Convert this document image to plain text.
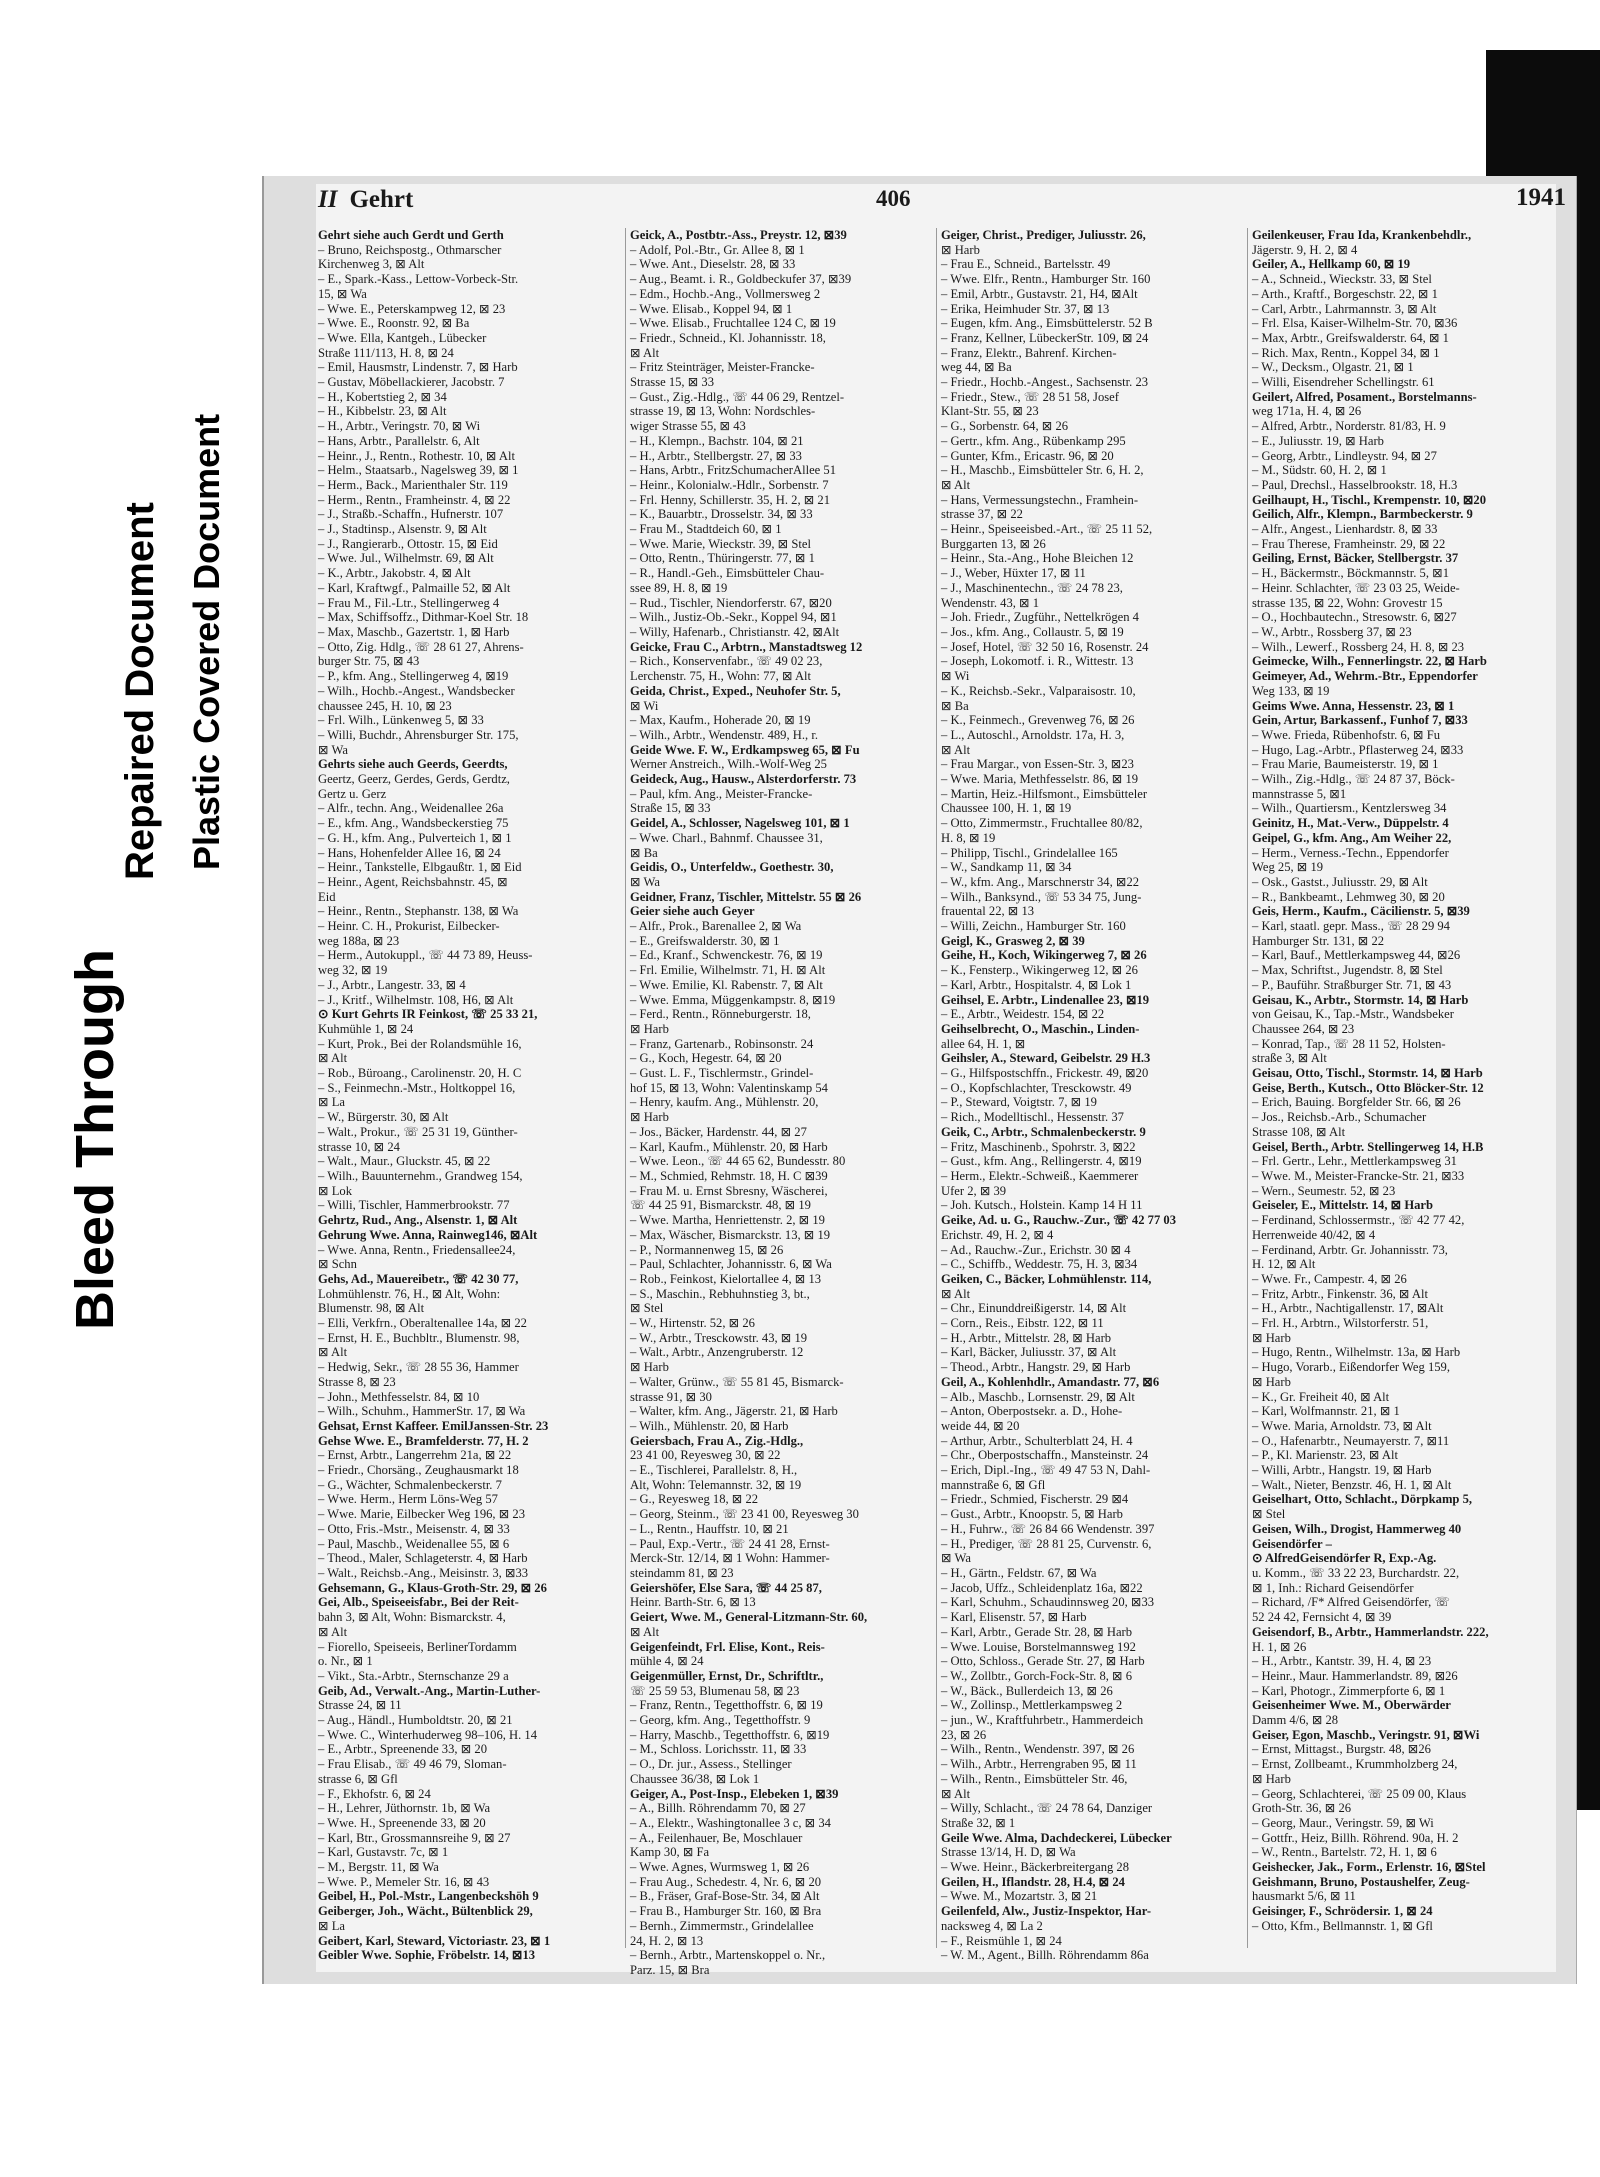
Bleed Through
Repaired Document Plastic Covered Document
II Gehrt	406	1941
Gehrt siehe auch Gerdt und Gerth
– Bruno, Reichspostg., Othmarscher
Kirchenweg 3, ⊠ Alt
– E., Spark.-Kass., Lettow-Vorbeck-Str.
15, ⊠ Wa
– Wwe. E., Peterskampweg 12, ⊠ 23
– Wwe. E., Roonstr. 92, ⊠ Ba
– Wwe. Ella, Kantgeh., Lübecker
Straße 111/113, H. 8, ⊠ 24
– Emil, Hausmstr, Lindenstr. 7, ⊠ Harb
– Gustav, Möbellackierer, Jacobstr. 7
– H., Kobertstieg 2, ⊠ 34
– H., Kibbelstr. 23, ⊠ Alt
– H., Arbtr., Veringstr. 70, ⊠ Wi
– Hans, Arbtr., Parallelstr. 6, Alt
– Heinr., J., Rentn., Rothestr. 10, ⊠ Alt
– Helm., Staatsarb., Nagelsweg 39, ⊠ 1
– Herm., Back., Marienthaler Str. 119
– Herm., Rentn., Framheinstr. 4, ⊠ 22
– J., Straßb.-Schaffn., Hufnerstr. 107
– J., Stadtinsp., Alsenstr. 9, ⊠ Alt
– J., Rangierarb., Ottostr. 15, ⊠ Eid
– Wwe. Jul., Wilhelmstr. 69, ⊠ Alt
– K., Arbtr., Jakobstr. 4, ⊠ Alt
– Karl, Kraftwgf., Palmaille 52, ⊠ Alt
– Frau M., Fil.-Ltr., Stellingerweg 4
– Max, Schiffsoffz., Dithmar-Koel Str. 18
– Max, Maschb., Gazertstr. 1, ⊠ Harb
– Otto, Zig. Hdlg., ☏ 28 61 27, Ahrens-
burger Str. 75, ⊠ 43
– P., kfm. Ang., Stellingerweg 4, ⊠19
– Wilh., Hochb.-Angest., Wandsbecker
chaussee 245, H. 10, ⊠ 23
– Frl. Wilh., Lünkenweg 5, ⊠ 33
– Willi, Buchdr., Ahrensburger Str. 175,
⊠ Wa
Gehrts siehe auch Geerds, Geerdts,
Geertz, Geerz, Gerdes, Gerds, Gerdtz,
Gertz u. Gerz
– Alfr., techn. Ang., Weidenallee 26a
– E., kfm. Ang., Wandsbeckerstieg 75
– G. H., kfm. Ang., Pulverteich 1, ⊠ 1
– Hans, Hohenfelder Allee 16, ⊠ 24
– Heinr., Tankstelle, Elbgaußtr. 1, ⊠ Eid
– Heinr., Agent, Reichsbahnstr. 45, ⊠
Eid
– Heinr., Rentn., Stephanstr. 138, ⊠ Wa
– Heinr. C. H., Prokurist, Eilbecker-
weg 188a, ⊠ 23
– Herm., Autokuppl., ☏ 44 73 89, Heuss-
weg 32, ⊠ 19
– J., Arbtr., Langestr. 33, ⊠ 4
– J., Kritf., Wilhelmstr. 108, H6, ⊠ Alt
⊙ Kurt Gehrts IR Feinkost, ☏ 25 33 21,
Kuhmühle 1, ⊠ 24
– Kurt, Prok., Bei der Rolandsmühle 16,
⊠ Alt
– Rob., Büroang., Carolinenstr. 20, H. C
– S., Feinmechn.-Mstr., Holtkoppel 16,
⊠ La
– W., Bürgerstr. 30, ⊠ Alt
– Walt., Prokur., ☏ 25 31 19, Günther-
strasse 10, ⊠ 24
– Walt., Maur., Gluckstr. 45, ⊠ 22
– Wilh., Bauunternehm., Grandweg 154,
⊠ Lok
– Willi, Tischler, Hammerbrookstr. 77
Gehrtz, Rud., Ang., Alsenstr. 1, ⊠ Alt
Gehrung Wwe. Anna, Rainweg146, ⊠Alt
– Wwe. Anna, Rentn., Friedensallee24,
⊠ Schn
Gehs, Ad., Mauereibetr., ☏ 42 30 77,
Lohmühlenstr. 76, H., ⊠ Alt, Wohn:
Blumenstr. 98, ⊠ Alt
– Elli, Verkfrn., Oberaltenallee 14a, ⊠ 22
– Ernst, H. E., Buchbltr., Blumenstr. 98,
⊠ Alt
– Hedwig, Sekr., ☏ 28 55 36, Hammer
Strasse 8, ⊠ 23
– John., Methfesselstr. 84, ⊠ 10
– Wilh., Schuhm., HammerStr. 17, ⊠ Wa
Gehsat, Ernst Kaffeer. EmilJanssen-Str. 23
Gehse Wwe. E., Bramfelderstr. 77, H. 2
– Ernst, Arbtr., Langerrehm 21a, ⊠ 22
– Friedr., Chorsäng., Zeughausmarkt 18
– G., Wächter, Schmalenbeckerstr. 7
– Wwe. Herm., Herm Löns-Weg 57
– Wwe. Marie, Eilbecker Weg 196, ⊠ 23
– Otto, Fris.-Mstr., Meisenstr. 4, ⊠ 33
– Paul, Maschb., Weidenallee 55, ⊠ 6
– Theod., Maler, Schlageterstr. 4, ⊠ Harb
– Walt., Reichsb.-Ang., Meisinstr. 3, ⊠33
Gehsemann, G., Klaus-Groth-Str. 29, ⊠ 26
Gei, Alb., Speiseeisfabr., Bei der Reit-
bahn 3, ⊠ Alt, Wohn: Bismarckstr. 4,
⊠ Alt
– Fiorello, Speiseeis, BerlinerTordamm
o. Nr., ⊠ 1
– Vikt., Sta.-Arbtr., Sternschanze 29 a
Geib, Ad., Verwalt.-Ang., Martin-Luther-
Strasse 24, ⊠ 11
– Aug., Händl., Humboldtstr. 20, ⊠ 21
– Wwe. C., Winterhuderweg 98–106, H. 14
– E., Arbtr., Spreenende 33, ⊠ 20
– Frau Elisab., ☏ 49 46 79, Sloman-
strasse 6, ⊠ Gfl
– F., Ekhofstr. 6, ⊠ 24
– H., Lehrer, Jüthornstr. 1b, ⊠ Wa
– Wwe. H., Spreenende 33, ⊠ 20
– Karl, Btr., Grossmannsreihe 9, ⊠ 27
– Karl, Gustavstr. 7c, ⊠ 1
– M., Bergstr. 11, ⊠ Wa
– Wwe. P., Memeler Str. 16, ⊠ 43
Geibel, H., Pol.-Mstr., Langenbeckshöh 9
Geiberger, Joh., Wächt., Bültenblick 29,
⊠ La
Geibert, Karl, Steward, Victoriastr. 23, ⊠ 1
Geibler Wwe. Sophie, Fröbelstr. 14, ⊠13
Geick, A., Postbtr.-Ass., Preystr. 12, ⊠39
– Adolf, Pol.-Btr., Gr. Allee 8, ⊠ 1
– Wwe. Ant., Dieselstr. 28, ⊠ 33
– Aug., Beamt. i. R., Goldbeckufer 37, ⊠39
– Edm., Hochb.-Ang., Vollmersweg 2
– Wwe. Elisab., Koppel 94, ⊠ 1
– Wwe. Elisab., Fruchtallee 124 C, ⊠ 19
– Friedr., Schneid., Kl. Johannisstr. 18,
⊠ Alt
– Fritz Steinträger, Meister-Francke-
Strasse 15, ⊠ 33
– Gust., Zig.-Hdlg., ☏ 44 06 29, Rentzel-
strasse 19, ⊠ 13, Wohn: Nordschles-
wiger Strasse 55, ⊠ 43
– H., Klempn., Bachstr. 104, ⊠ 21
– H., Arbtr., Stellbergstr. 27, ⊠ 33
– Hans, Arbtr., FritzSchumacherAllee 51
– Heinr., Kolonialw.-Hdlr., Sorbenstr. 7
– Frl. Henny, Schillerstr. 35, H. 2, ⊠ 21
– K., Bauarbtr., Drosselstr. 34, ⊠ 33
– Frau M., Stadtdeich 60, ⊠ 1
– Wwe. Marie, Wieckstr. 39, ⊠ Stel
– Otto, Rentn., Thüringerstr. 77, ⊠ 1
– R., Handl.-Geh., Eimsbütteler Chau-
ssee 89, H. 8, ⊠ 19
– Rud., Tischler, Niendorferstr. 67, ⊠20
– Wilh., Justiz-Ob.-Sekr., Koppel 94, ⊠1
– Willy, Hafenarb., Christianstr. 42, ⊠Alt
Geicke, Frau C., Arbtrn., Manstadtsweg 12
– Rich., Konservenfabr., ☏ 49 02 23,
Lerchenstr. 75, H., Wohn: 77, ⊠ Alt
Geida, Christ., Exped., Neuhofer Str. 5,
⊠ Wi
– Max, Kaufm., Hoherade 20, ⊠ 19
– Wilh., Arbtr., Wendenstr. 489, H., r.
Geide Wwe. F. W., Erdkampsweg 65, ⊠ Fu
Werner Anstreich., Wilh.-Wolf-Weg 25
Geideck, Aug., Hausw., Alsterdorferstr. 73
– Paul, kfm. Ang., Meister-Francke-
Straße 15, ⊠ 33
Geidel, A., Schlosser, Nagelsweg 101, ⊠ 1
– Wwe. Charl., Bahnmf. Chaussee 31,
⊠ Ba
Geidis, O., Unterfeldw., Goethestr. 30,
⊠ Wa
Geidner, Franz, Tischler, Mittelstr. 55 ⊠ 26
Geier siehe auch Geyer
– Alfr., Prok., Barenallee 2, ⊠ Wa
– E., Greifswalderstr. 30, ⊠ 1
– Ed., Kranf., Schwenckestr. 76, ⊠ 19
– Frl. Emilie, Wilhelmstr. 71, H. ⊠ Alt
– Wwe. Emilie, Kl. Rabenstr. 7, ⊠ Alt
– Wwe. Emma, Müggenkampstr. 8, ⊠19
– Ferd., Rentn., Rönneburgerstr. 18,
⊠ Harb
– Franz, Gartenarb., Robinsonstr. 24
– G., Koch, Hegestr. 64, ⊠ 20
– Gust. L. F., Tischlermstr., Grindel-
hof 15, ⊠ 13, Wohn: Valentinskamp 54
– Henry, kaufm. Ang., Mühlenstr. 20,
⊠ Harb
– Jos., Bäcker, Hardenstr. 44, ⊠ 27
– Karl, Kaufm., Mühlenstr. 20, ⊠ Harb
– Wwe. Leon., ☏ 44 65 62, Bundesstr. 80
– M., Schmied, Rehmstr. 18, H. C ⊠39
– Frau M. u. Ernst Sbresny, Wäscherei,
☏ 44 25 91, Bismarckstr. 48, ⊠ 19
– Wwe. Martha, Henriettenstr. 2, ⊠ 19
– Max, Wäscher, Bismarckstr. 13, ⊠ 19
– P., Normannenweg 15, ⊠ 26
– Paul, Schlachter, Johannisstr. 6, ⊠ Wa
– Rob., Feinkost, Kielortallee 4, ⊠ 13
– S., Maschin., Rebhuhnstieg 3, bt.,
⊠ Stel
– W., Hirtenstr. 52, ⊠ 26
– W., Arbtr., Tresckowstr. 43, ⊠ 19
– Walt., Arbtr., Anzengruberstr. 12
⊠ Harb
– Walter, Grünw., ☏ 55 81 45, Bismarck-
strasse 91, ⊠ 30
– Walter, kfm. Ang., Jägerstr. 21, ⊠ Harb
– Wilh., Mühlenstr. 20, ⊠ Harb
Geiersbach, Frau A., Zig.-Hdlg.,
23 41 00, Reyesweg 30, ⊠ 22
– E., Tischlerei, Parallelstr. 8, H.,
Alt, Wohn: Telemannstr. 32, ⊠ 19
– G., Reyesweg 18, ⊠ 22
– Georg, Steinm., ☏ 23 41 00, Reyesweg 30
– L., Rentn., Hauffstr. 10, ⊠ 21
– Paul, Exp.-Vertr., ☏ 24 41 28, Ernst-
Merck-Str. 12/14, ⊠ 1 Wohn: Hammer-
steindamm 81, ⊠ 23
Geiershöfer, Else Sara, ☏ 44 25 87,
Heinr. Barth-Str. 6, ⊠ 13
Geiert, Wwe. M., General-Litzmann-Str. 60,
⊠ Alt
Geigenfeindt, Frl. Elise, Kont., Reis-
mühle 4, ⊠ 24
Geigenmüller, Ernst, Dr., Schriftltr.,
☏ 25 59 53, Blumenau 58, ⊠ 23
– Franz, Rentn., Tegetthoffstr. 6, ⊠ 19
– Georg, kfm. Ang., Tegetthoffstr. 9
– Harry, Maschb., Tegetthoffstr. 6, ⊠19
– M., Schloss. Lorichsstr. 11, ⊠ 33
– O., Dr. jur., Assess., Stellinger
Chaussee 36/38, ⊠ Lok 1
Geiger, A., Post-Insp., Elebeken 1, ⊠39
– A., Billh. Röhrendamm 70, ⊠ 27
– A., Elektr., Washingtonallee 3 c, ⊠ 34
– A., Feilenhauer, Be, Moschlauer
Kamp 30, ⊠ Fa
– Wwe. Agnes, Wurmsweg 1, ⊠ 26
– Frau Aug., Schedestr. 4, Nr. 6, ⊠ 20
– B., Fräser, Graf-Bose-Str. 34, ⊠ Alt
– Frau B., Hamburger Str. 160, ⊠ Bra
– Bernh., Zimmermstr., Grindelallee
24, H. 2, ⊠ 13
– Bernh., Arbtr., Martenskoppel o. Nr.,
Parz. 15, ⊠ Bra
Geiger, Christ., Prediger, Juliusstr. 26,
⊠ Harb
– Frau E., Schneid., Bartelsstr. 49
– Wwe. Elfr., Rentn., Hamburger Str. 160
– Emil, Arbtr., Gustavstr. 21, H4, ⊠Alt
– Erika, Heimhuder Str. 37, ⊠ 13
– Eugen, kfm. Ang., Eimsbüttelerstr. 52 B
– Franz, Kellner, LübeckerStr. 109, ⊠ 24
– Franz, Elektr., Bahrenf. Kirchen-
weg 44, ⊠ Ba
– Friedr., Hochb.-Angest., Sachsenstr. 23
– Friedr., Stew., ☏ 28 51 58, Josef
Klant-Str. 55, ⊠ 23
– G., Sorbenstr. 64, ⊠ 26
– Gertr., kfm. Ang., Rübenkamp 295
– Gunter, Kfm., Ericastr. 96, ⊠ 20
– H., Maschb., Eimsbütteler Str. 6, H. 2,
⊠ Alt
– Hans, Vermessungstechn., Framhein-
strasse 37, ⊠ 22
– Heinr., Speiseeisbed.-Art., ☏ 25 11 52,
Burggarten 13, ⊠ 26
– Heinr., Sta.-Ang., Hohe Bleichen 12
– J., Weber, Hüxter 17, ⊠ 11
– J., Maschinentechn., ☏ 24 78 23,
Wendenstr. 43, ⊠ 1
– Joh. Friedr., Zugführ., Nettelkrögen 4
– Jos., kfm. Ang., Collaustr. 5, ⊠ 19
– Josef, Hotel, ☏ 32 50 16, Rosenstr. 24
– Joseph, Lokomotf. i. R., Wittestr. 13
⊠ Wi
– K., Reichsb.-Sekr., Valparaisostr. 10,
⊠ Ba
– K., Feinmech., Grevenweg 76, ⊠ 26
– L., Autoschl., Arnoldstr. 17a, H. 3,
⊠ Alt
– Frau Margar., von Essen-Str. 3, ⊠23
– Wwe. Maria, Methfesselstr. 86, ⊠ 19
– Martin, Heiz.-Hilfsmont., Eimsbütteler
Chaussee 100, H. 1, ⊠ 19
– Otto, Zimmermstr., Fruchtallee 80/82,
H. 8, ⊠ 19
– Philipp, Tischl., Grindelallee 165
– W., Sandkamp 11, ⊠ 34
– W., kfm. Ang., Marschnerstr 34, ⊠22
– Wilh., Banksynd., ☏ 53 34 75, Jung-
frauental 22, ⊠ 13
– Willi, Zeichn., Hamburger Str. 160
Geigl, K., Grasweg 2, ⊠ 39
Geihe, H., Koch, Wikingerweg 7, ⊠ 26
– K., Fensterp., Wikingerweg 12, ⊠ 26
– Karl, Arbtr., Hospitalstr. 4, ⊠ Lok 1
Geihsel, E. Arbtr., Lindenallee 23, ⊠19
– E., Arbtr., Weidestr. 154, ⊠ 22
Geihselbrecht, O., Maschin., Linden-
allee 64, H. 1, ⊠
Geihsler, A., Steward, Geibelstr. 29 H.3
– G., Hilfspostschffn., Frickestr. 49, ⊠20
– O., Kopfschlachter, Tresckowstr. 49
– P., Steward, Voigtstr. 7, ⊠ 19
– Rich., Modelltischl., Hessenstr. 37
Geik, C., Arbtr., Schmalenbeckerstr. 9
– Fritz, Maschinenb., Spohrstr. 3, ⊠22
– Gust., kfm. Ang., Rellingerstr. 4, ⊠19
– Herm., Elektr.-Schweiß., Kaemmerer
Ufer 2, ⊠ 39
– Joh. Kutsch., Holstein. Kamp 14 H 11
Geike, Ad. u. G., Rauchw.-Zur., ☏ 42 77 03
Erichstr. 49, H. 2, ⊠ 4
– Ad., Rauchw.-Zur., Erichstr. 30 ⊠ 4
– C., Schiffb., Weddestr. 75, H. 3, ⊠34
Geiken, C., Bäcker, Lohmühlenstr. 114,
⊠ Alt
– Chr., Einunddreißigerstr. 14, ⊠ Alt
– Corn., Reis., Eibstr. 122, ⊠ 11
– H., Arbtr., Mittelstr. 28, ⊠ Harb
– Karl, Bäcker, Juliusstr. 37, ⊠ Alt
– Theod., Arbtr., Hangstr. 29, ⊠ Harb
Geil, A., Kohlenhdlr., Amandastr. 77, ⊠6
– Alb., Maschb., Lornsenstr. 29, ⊠ Alt
– Anton, Oberpostsekr. a. D., Hohe-
weide 44, ⊠ 20
– Arthur, Arbtr., Schulterblatt 24, H. 4
– Chr., Oberpostschaffn., Mansteinstr. 24
– Erich, Dipl.-Ing., ☏ 49 47 53 N, Dahl-
mannstraße 6, ⊠ Gfl
– Friedr., Schmied, Fischerstr. 29 ⊠4
– Gust., Arbtr., Knoopstr. 5, ⊠ Harb
– H., Fuhrw., ☏ 26 84 66 Wendenstr. 397
– H., Prediger, ☏ 28 81 25, Curvenstr. 6,
⊠ Wa
– H., Gärtn., Feldstr. 67, ⊠ Wa
– Jacob, Uffz., Schleidenplatz 16a, ⊠22
– Karl, Schuhm., Schaudinnsweg 20, ⊠33
– Karl, Elisenstr. 57, ⊠ Harb
– Karl, Arbtr., Gerade Str. 28, ⊠ Harb
– Wwe. Louise, Borstelmannsweg 192
– Otto, Schloss., Gerade Str. 27, ⊠ Harb
– W., Zollbtr., Gorch-Fock-Str. 8, ⊠ 6
– W., Bäck., Bullerdeich 13, ⊠ 26
– W., Zollinsp., Mettlerkampsweg 2
– jun., W., Kraftfuhrbetr., Hammerdeich
23, ⊠ 26
– Wilh., Rentn., Wendenstr. 397, ⊠ 26
– Wilh., Arbtr., Herrengraben 95, ⊠ 11
– Wilh., Rentn., Eimsbütteler Str. 46,
⊠ Alt
– Willy, Schlacht., ☏ 24 78 64, Danziger
Straße 32, ⊠ 1
Geile Wwe. Alma, Dachdeckerei, Lübecker
Strasse 13/14, H. D, ⊠ Wa
– Wwe. Heinr., Bäckerbreitergang 28
Geilen, H., Iflandstr. 28, H.4, ⊠ 24
– Wwe. M., Mozartstr. 3, ⊠ 21
Geilenfeld, Alw., Justiz-Inspektor, Har-
nacksweg 4, ⊠ La 2
– F., Reismühle 1, ⊠ 24
– W. M., Agent., Billh. Röhrendamm 86a
Geilenkeuser, Frau Ida, Krankenbehdlr.,
Jägerstr. 9, H. 2, ⊠ 4
Geiler, A., Hellkamp 60, ⊠ 19
– A., Schneid., Wieckstr. 33, ⊠ Stel
– Arth., Kraftf., Borgeschstr. 22, ⊠ 1
– Carl, Arbtr., Lahrmannstr. 3, ⊠ Alt
– Frl. Elsa, Kaiser-Wilhelm-Str. 70, ⊠36
– Max, Arbtr., Greifswalderstr. 64, ⊠ 1
– Rich. Max, Rentn., Koppel 34, ⊠ 1
– W., Decksm., Olgastr. 21, ⊠ 1
– Willi, Eisendreher Schellingstr. 61
Geilert, Alfred, Posament., Borstelmanns-
weg 171a, H. 4, ⊠ 26
– Alfred, Arbtr., Norderstr. 81/83, H. 9
– E., Juliusstr. 19, ⊠ Harb
– Georg, Arbtr., Lindleystr. 94, ⊠ 27
– M., Südstr. 60, H. 2, ⊠ 1
– Paul, Drechsl., Hasselbrookstr. 18, H.3
Geilhaupt, H., Tischl., Krempenstr. 10, ⊠20
Geilich, Alfr., Klempn., Barmbeckerstr. 9
– Alfr., Angest., Lienhardstr. 8, ⊠ 33
– Frau Therese, Framheinstr. 29, ⊠ 22
Geiling, Ernst, Bäcker, Stellbergstr. 37
– H., Bäckermstr., Böckmannstr. 5, ⊠1
– Heinr. Schlachter, ☏ 23 03 25, Weide-
strasse 135, ⊠ 22, Wohn: Grovestr 15
– O., Hochbautechn., Stresowstr. 6, ⊠27
– W., Arbtr., Rossberg 37, ⊠ 23
– Wilh., Lewerf., Rossberg 24, H. 8, ⊠ 23
Geimecke, Wilh., Fennerlingstr. 22, ⊠ Harb
Geimeyer, Ad., Wehrm.-Btr., Eppendorfer
Weg 133, ⊠ 19
Geims Wwe. Anna, Hessenstr. 23, ⊠ 1
Gein, Artur, Barkassenf., Funhof 7, ⊠33
– Wwe. Frieda, Rübenhofstr. 6, ⊠ Fu
– Hugo, Lag.-Arbtr., Pflasterweg 24, ⊠33
– Frau Marie, Baumeisterstr. 19, ⊠ 1
– Wilh., Zig.-Hdlg., ☏ 24 87 37, Böck-
mannstrasse 5, ⊠1
– Wilh., Quartiersm., Kentzlersweg 34
Geinitz, H., Mat.-Verw., Düppelstr. 4
Geipel, G., kfm. Ang., Am Weiher 22,
– Herm., Verness.-Techn., Eppendorfer
Weg 25, ⊠ 19
– Osk., Gastst., Juliusstr. 29, ⊠ Alt
– R., Bankbeamt., Lehmweg 30, ⊠ 20
Geis, Herm., Kaufm., Cäcilienstr. 5, ⊠39
– Karl, staatl. gepr. Mass., ☏ 28 29 94
Hamburger Str. 131, ⊠ 22
– Karl, Bauf., Mettlerkampsweg 44, ⊠26
– Max, Schriftst., Jugendstr. 8, ⊠ Stel
– P., Bauführ. Straßburger Str. 71, ⊠ 43
Geisau, K., Arbtr., Stormstr. 14, ⊠ Harb
von Geisau, K., Tap.-Mstr., Wandsbeker
Chaussee 264, ⊠ 23
– Konrad, Tap., ☏ 28 11 52, Holsten-
straße 3, ⊠ Alt
Geisau, Otto, Tischl., Stormstr. 14, ⊠ Harb
Geise, Berth., Kutsch., Otto Blöcker-Str. 12
– Erich, Bauing. Borgfelder Str. 66, ⊠ 26
– Jos., Reichsb.-Arb., Schumacher
Strasse 108, ⊠ Alt
Geisel, Berth., Arbtr. Stellingerweg 14, H.B
– Frl. Gertr., Lehr., Mettlerkampsweg 31
– Wwe. M., Meister-Francke-Str. 21, ⊠33
– Wern., Seumestr. 52, ⊠ 23
Geiseler, E., Mittelstr. 14, ⊠ Harb
– Ferdinand, Schlossermstr., ☏ 42 77 42,
Herrenweide 40/42, ⊠ 4
– Ferdinand, Arbtr. Gr. Johannisstr. 73,
H. 12, ⊠ Alt
– Wwe. Fr., Campestr. 4, ⊠ 26
– Fritz, Arbtr., Finkenstr. 36, ⊠ Alt
– H., Arbtr., Nachtigallenstr. 17, ⊠Alt
– Frl. H., Arbtrn., Wilstorferstr. 51,
⊠ Harb
– Hugo, Rentn., Wilhelmstr. 13a, ⊠ Harb
– Hugo, Vorarb., Eißendorfer Weg 159,
⊠ Harb
– K., Gr. Freiheit 40, ⊠ Alt
– Karl, Wolfmannstr. 21, ⊠ 1
– Wwe. Maria, Arnoldstr. 73, ⊠ Alt
– O., Hafenarbtr., Neumayerstr. 7, ⊠11
– P., Kl. Marienstr. 23, ⊠ Alt
– Willi, Arbtr., Hangstr. 19, ⊠ Harb
– Walt., Nieter, Benzstr. 46, H. 1, ⊠ Alt
Geiselhart, Otto, Schlacht., Dörpkamp 5,
⊠ Stel
Geisen, Wilh., Drogist, Hammerweg 40
Geisendörfer –
⊙ AlfredGeisendörfer R, Exp.-Ag.
u. Komm., ☏ 33 22 23, Burchardstr. 22,
⊠ 1, Inh.: Richard Geisendörfer
– Richard, /F* Alfred Geisendörfer, ☏
52 24 42, Fernsicht 4, ⊠ 39
Geisendorf, B., Arbtr., Hammerlandstr. 222,
H. 1, ⊠ 26
– H., Arbtr., Kantstr. 39, H. 4, ⊠ 23
– Heinr., Maur. Hammerlandstr. 89, ⊠26
– Karl, Photogr., Zimmerpforte 6, ⊠ 1
Geisenheimer Wwe. M., Oberwärder
Damm 4/6, ⊠ 28
Geiser, Egon, Maschb., Veringstr. 91, ⊠Wi
– Ernst, Mittagst., Burgstr. 48, ⊠26
– Ernst, Zollbeamt., Krummholzberg 24,
⊠ Harb
– Georg, Schlachterei, ☏ 25 09 00, Klaus
Groth-Str. 36, ⊠ 26
– Georg, Maur., Veringstr. 59, ⊠ Wi
– Gottfr., Heiz, Billh. Röhrend. 90a, H. 2
– W., Rentn., Bartelstr. 72, H. 1, ⊠ 6
Geishecker, Jak., Form., Erlenstr. 16, ⊠Stel
Geishmann, Bruno, Postaushelfer, Zeug-
hausmarkt 5/6, ⊠ 11
Geisinger, F., Schrödersir. 1, ⊠ 24
– Otto, Kfm., Bellmannstr. 1, ⊠ Gfl
